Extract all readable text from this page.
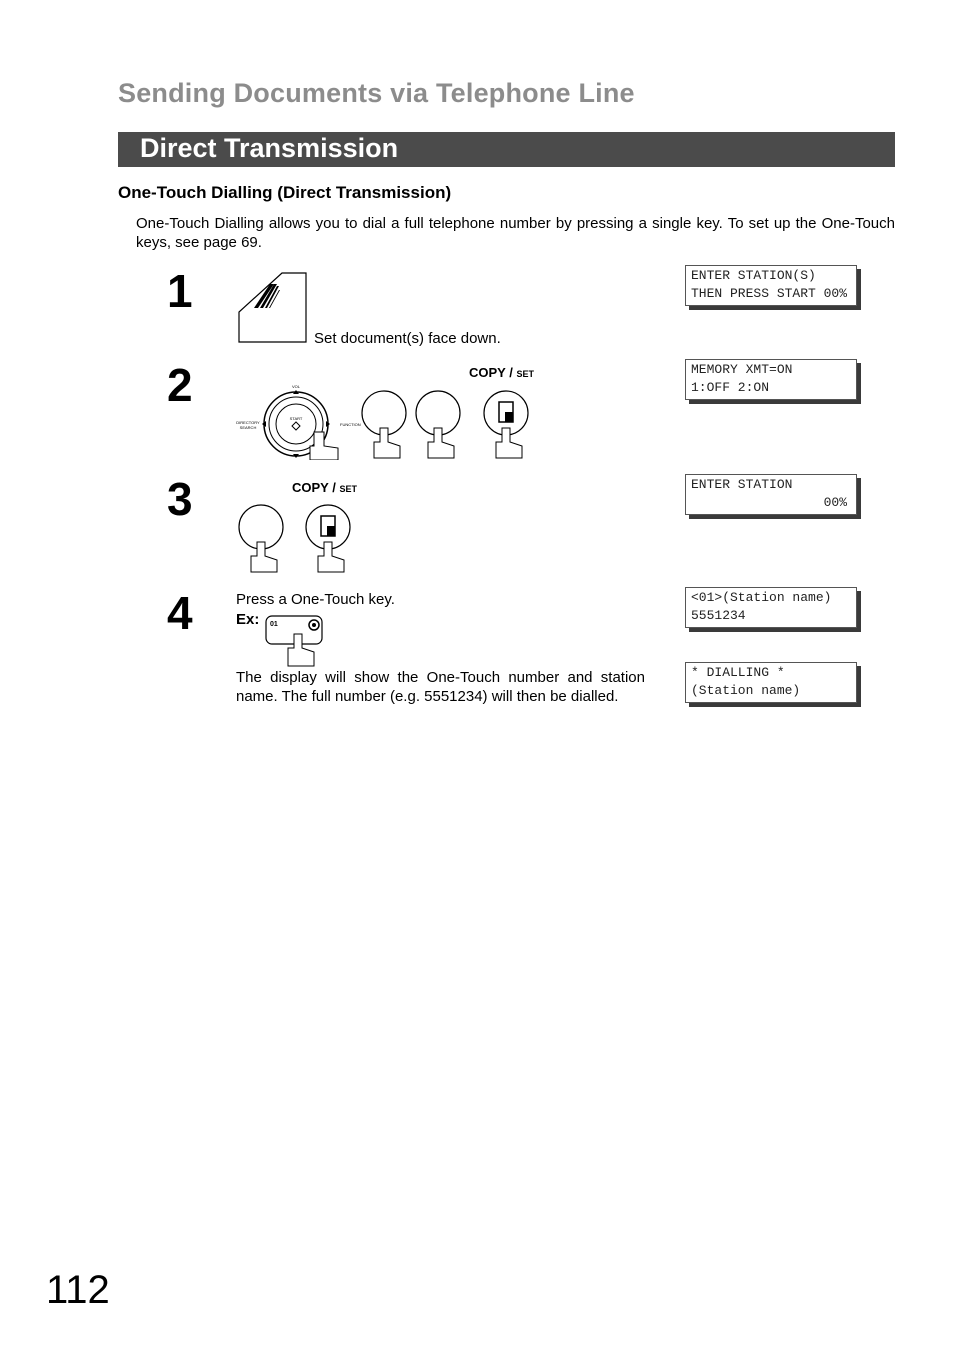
Sending Documents via Telephone Line
Direct Transmission
One-Touch Dialling (Direct Transmission)
One-Touch Dialling allows you to dial a full telephone number by pressing a single key. To set up the One-Touch keys, see page 69.
1
Set document(s) face down.
ENTER STATION(S)
THEN PRESS START 00%
2
START
VOL
DIRECTORY
SEARCH
FUNCTION
COPY / SET	MEMORY XMT=ON
1:OFF 2:ON
3	COPY / SET	ENTER STATION
00%
4	Press a One-Touch key.
Ex: 01
The display will show the One-Touch number and station name. The full number (e.g. 5551234) will then be dialled.
<01>(Station name)
5551234
* DIALLING *
(Station name)
112
